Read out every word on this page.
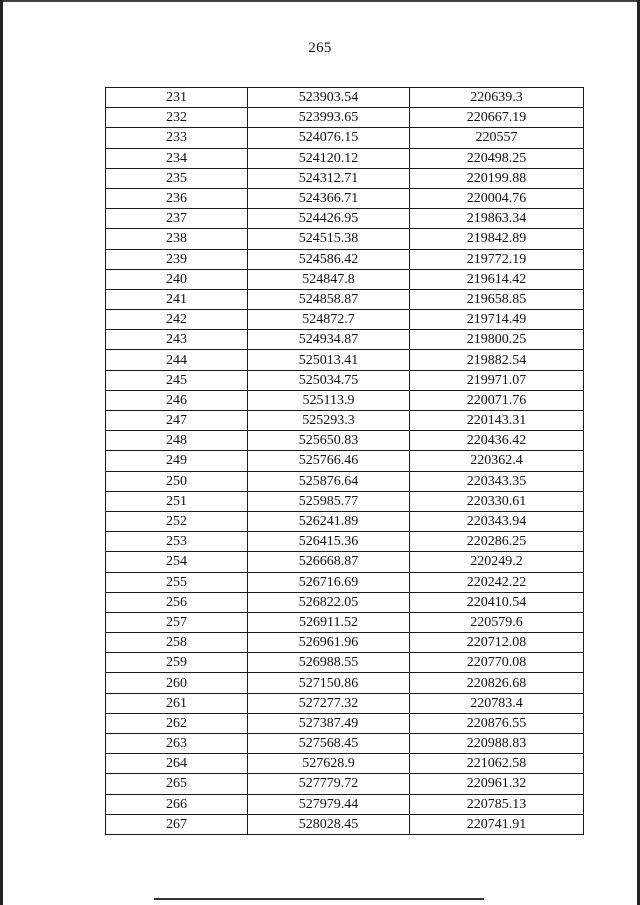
265
231	523903.54	220639.3
232	523993.65	220667.19
233	524076.15	220557
234	524120.12	220498.25
235	524312.71	220199.88
236	524366.71	220004.76
237	524426.95	219863.34
238	524515.38	219842.89
239	524586.42	219772.19
240	524847.8	219614.42
241	524858.87	219658.85
242	524872.7	219714.49
243	524934.87	219800.25
244	525013.41	219882.54
245	525034.75	219971.07
246	525113.9	220071.76
247	525293.3	220143.31
248	525650.83	220436.42
249	525766.46	220362.4
250	525876.64	220343.35
251	525985.77	220330.61
252	526241.89	220343.94
253	526415.36	220286.25
254	526668.87	220249.2
255	526716.69	220242.22
256	526822.05	220410.54
257	526911.52	220579.6
258	526961.96	220712.08
259	526988.55	220770.08
260	527150.86	220826.68
261	527277.32	220783.4
262	527387.49	220876.55
263	527568.45	220988.83
264	527628.9	221062.58
265	527779.72	220961.32
266	527979.44	220785.13
267	528028.45	220741.91
